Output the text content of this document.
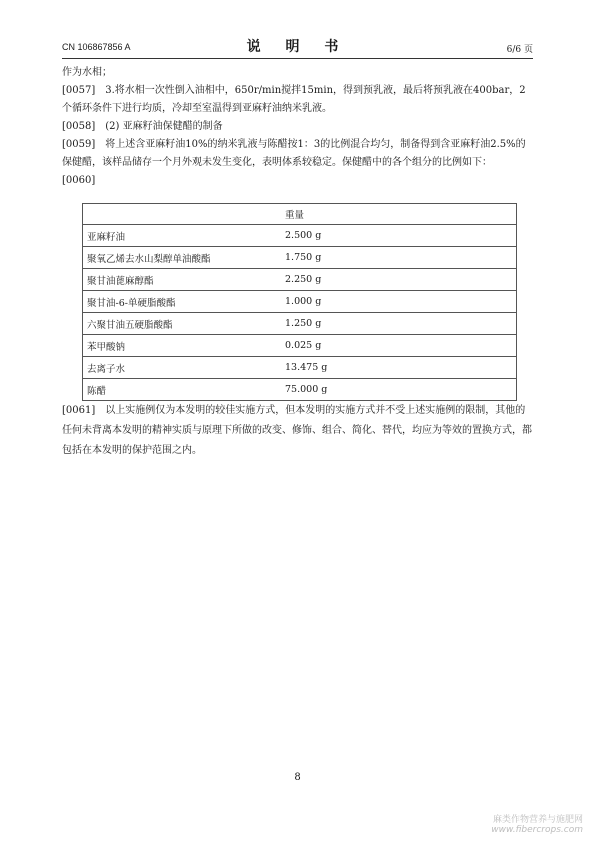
CN 106867856 A	说 明 书	6/6 页

作为水相；

[0057] 3.将水相一次性倒入油相中，650r/min搅拌15min，得到预乳液，最后将预乳液在400bar，2个循环条件下进行均质，冷却至室温得到亚麻籽油纳米乳液。

[0058] (2) 亚麻籽油保健醋的制备

[0059] 将上述含亚麻籽油10%的纳米乳液与陈醋按1：3的比例混合均匀，制备得到含亚麻籽油2.5%的保健醋，该样品储存一个月外观未发生变化，表明体系较稳定。保健醋中的各个组分的比例如下：

[0060]

	重量
亚麻籽油	2.500 g
聚氧乙烯去水山梨醇单油酸酯	1.750 g
聚甘油蓖麻醇酯	2.250 g
聚甘油-6-单硬脂酸酯	1.000 g
六聚甘油五硬脂酸酯	1.250 g
苯甲酸钠	0.025 g
去离子水	13.475 g
陈醋	75.000 g
[0061] 以上实施例仅为本发明的较佳实施方式，但本发明的实施方式并不受上述实施例的限制，其他的任何未背离本发明的精神实质与原理下所做的改变、修饰、组合、简化、替代，均应为等效的置换方式，都包括在本发明的保护范围之内。
8
麻类作物营养与施肥网
www.fibercrops.com
